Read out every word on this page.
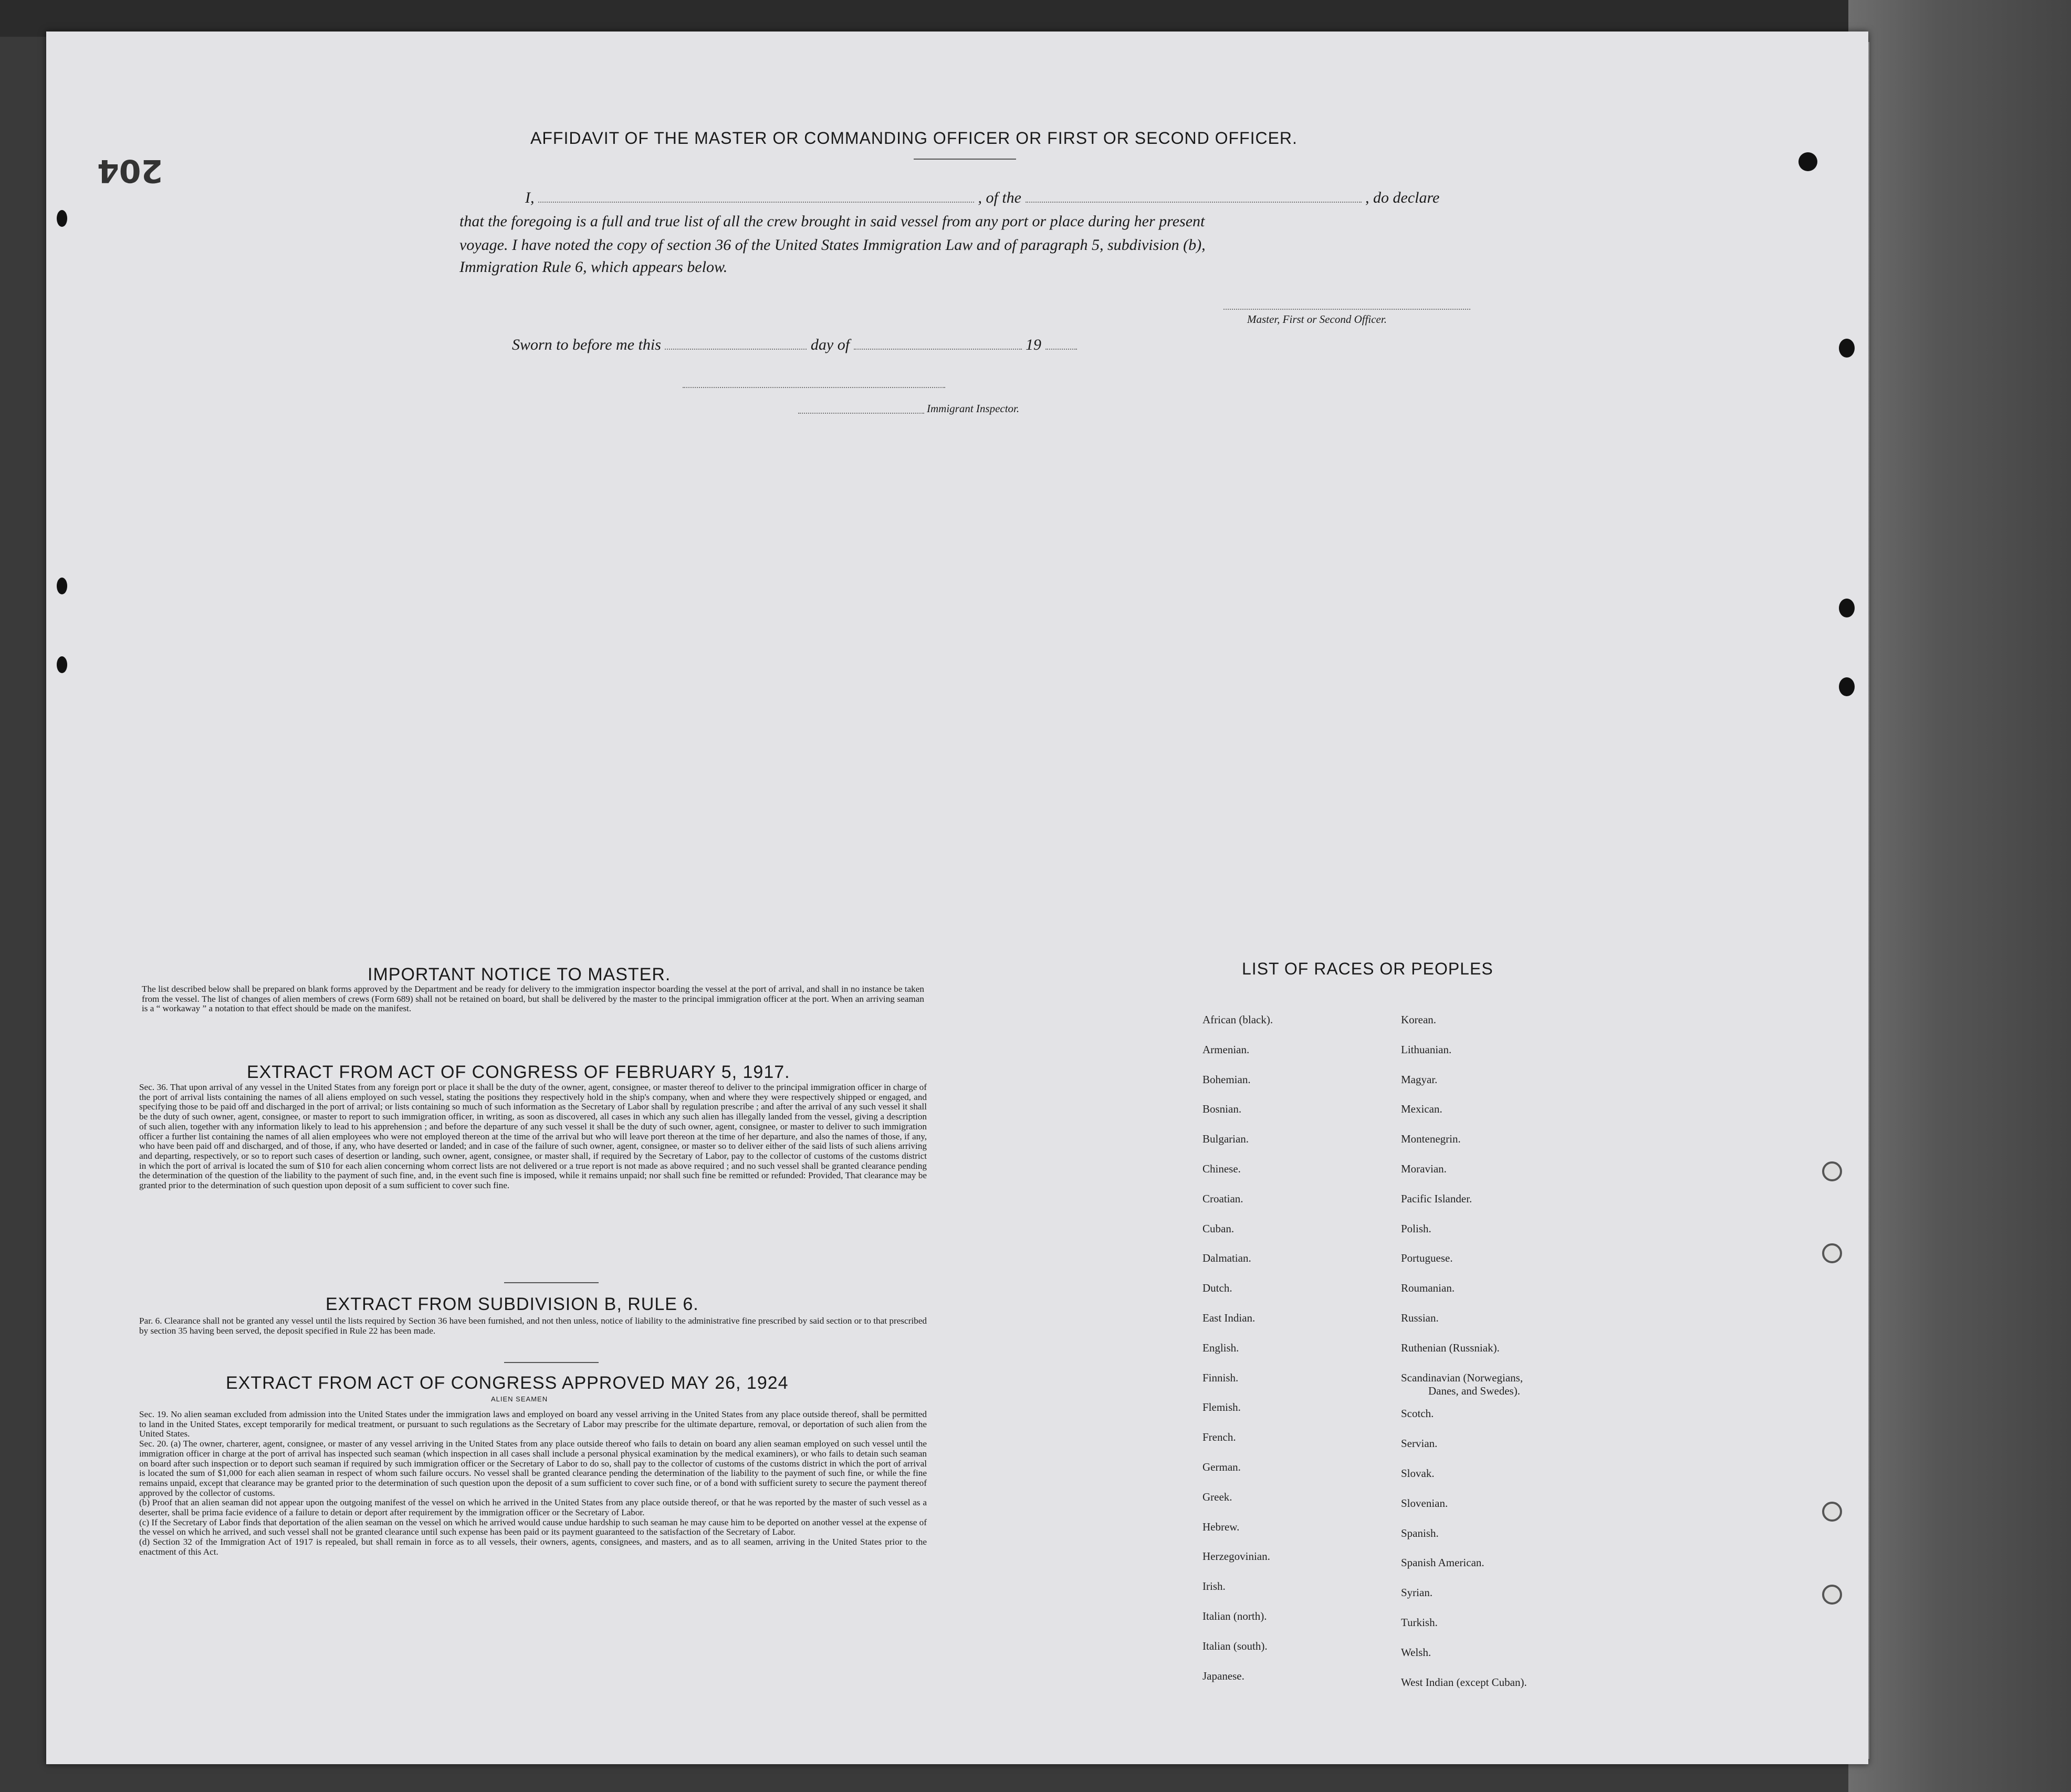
204
AFFIDAVIT OF THE MASTER OR COMMANDING OFFICER OR FIRST OR SECOND OFFICER.
I,	, of the	, do declare
that the foregoing is a full and true list of all the crew brought in said vessel from any port or place during her present
voyage. I have noted the copy of section 36 of the United States Immigration Law and of paragraph 5, subdivision (b),
Immigration Rule 6, which appears below.
Master, First or Second Officer.
Sworn to before me this	day of	19
Immigrant Inspector.
IMPORTANT NOTICE TO MASTER.
The list described below shall be prepared on blank forms approved by the Department and be ready for delivery to the immigration inspector boarding the vessel at the port of arrival, and shall in no instance be taken from the vessel. The list of changes of alien members of crews (Form 689) shall not be retained on board, but shall be delivered by the master to the principal immigration officer at the port. When an arriving seaman is a “ workaway ” a notation to that effect should be made on the manifest.
EXTRACT FROM ACT OF CONGRESS OF FEBRUARY 5, 1917.
Sec. 36. That upon arrival of any vessel in the United States from any foreign port or place it shall be the duty of the owner, agent, consignee, or master thereof to deliver to the principal immigration officer in charge of the port of arrival lists containing the names of all aliens employed on such vessel, stating the positions they respectively hold in the ship's company, when and where they were respectively shipped or engaged, and specifying those to be paid off and discharged in the port of arrival; or lists containing so much of such information as the Secretary of Labor shall by regulation prescribe ; and after the arrival of any such vessel it shall be the duty of such owner, agent, consignee, or master to report to such immigration officer, in writing, as soon as discovered, all cases in which any such alien has illegally landed from the vessel, giving a description of such alien, together with any information likely to lead to his apprehension ; and before the departure of any such vessel it shall be the duty of such owner, agent, consignee, or master to deliver to such immigration officer a further list containing the names of all alien employees who were not employed thereon at the time of the arrival but who will leave port thereon at the time of her departure, and also the names of those, if any, who have been paid off and discharged, and of those, if any, who have deserted or landed; and in case of the failure of such owner, agent, consignee, or master so to deliver either of the said lists of such aliens arriving and departing, respectively, or so to report such cases of desertion or landing, such owner, agent, consignee, or master shall, if required by the Secretary of Labor, pay to the collector of customs of the customs district in which the port of arrival is located the sum of $10 for each alien concerning whom correct lists are not delivered or a true report is not made as above required ; and no such vessel shall be granted clearance pending the determination of the question of the liability to the payment of such fine, and, in the event such fine is imposed, while it remains unpaid; nor shall such fine be remitted or refunded: Provided, That clearance may be granted prior to the determination of such question upon deposit of a sum sufficient to cover such fine.
EXTRACT FROM SUBDIVISION B, RULE 6.
Par. 6. Clearance shall not be granted any vessel until the lists required by Section 36 have been furnished, and not then unless, notice of liability to the administrative fine prescribed by said section or to that prescribed by section 35 having been served, the deposit specified in Rule 22 has been made.
EXTRACT FROM ACT OF CONGRESS APPROVED MAY 26, 1924
ALIEN SEAMEN

Sec. 19. No alien seaman excluded from admission into the United States under the immigration laws and employed on board any vessel arriving in the United States from any place outside thereof, shall be permitted to land in the United States, except temporarily for medical treatment, or pursuant to such regulations as the Secretary of Labor may prescribe for the ultimate departure, removal, or deportation of such alien from the United States.

Sec. 20. (a) The owner, charterer, agent, consignee, or master of any vessel arriving in the United States from any place outside thereof who fails to detain on board any alien seaman employed on such vessel until the immigration officer in charge at the port of arrival has inspected such seaman (which inspection in all cases shall include a personal physical examination by the medical examiners), or who fails to detain such seaman on board after such inspection or to deport such seaman if required by such immigration officer or the Secretary of Labor to do so, shall pay to the collector of customs of the customs district in which the port of arrival is located the sum of $1,000 for each alien seaman in respect of whom such failure occurs. No vessel shall be granted clearance pending the determination of the liability to the payment of such fine, or while the fine remains unpaid, except that clearance may be granted prior to the determination of such question upon the deposit of a sum sufficient to cover such fine, or of a bond with sufficient surety to secure the payment thereof approved by the collector of customs.

(b) Proof that an alien seaman did not appear upon the outgoing manifest of the vessel on which he arrived in the United States from any place outside thereof, or that he was reported by the master of such vessel as a deserter, shall be prima facie evidence of a failure to detain or deport after requirement by the immigration officer or the Secretary of Labor.

(c) If the Secretary of Labor finds that deportation of the alien seaman on the vessel on which he arrived would cause undue hardship to such seaman he may cause him to be deported on another vessel at the expense of the vessel on which he arrived, and such vessel shall not be granted clearance until such expense has been paid or its payment guaranteed to the satisfaction of the Secretary of Labor.

(d) Section 32 of the Immigration Act of 1917 is repealed, but shall remain in force as to all vessels, their owners, agents, consignees, and masters, and as to all seamen, arriving in the United States prior to the enactment of this Act.

LIST OF RACES OR PEOPLES
African (black).
Armenian.
Bohemian.
Bosnian.
Bulgarian.
Chinese.
Croatian.
Cuban.
Dalmatian.
Dutch.
East Indian.
English.
Finnish.
Flemish.
French.
German.
Greek.
Hebrew.
Herzegovinian.
Irish.
Italian (north).
Italian (south).
Japanese.
Korean.
Lithuanian.
Magyar.
Mexican.
Montenegrin.
Moravian.
Pacific Islander.
Polish.
Portuguese.
Roumanian.
Russian.
Ruthenian (Russniak).
Scandinavian (Norwegians,
Scotch.
Servian.
Slovak.
Slovenian.
Spanish.
Spanish American.
Syrian.
Turkish.
Welsh.
West Indian (except Cuban).
Danes, and Swedes).
